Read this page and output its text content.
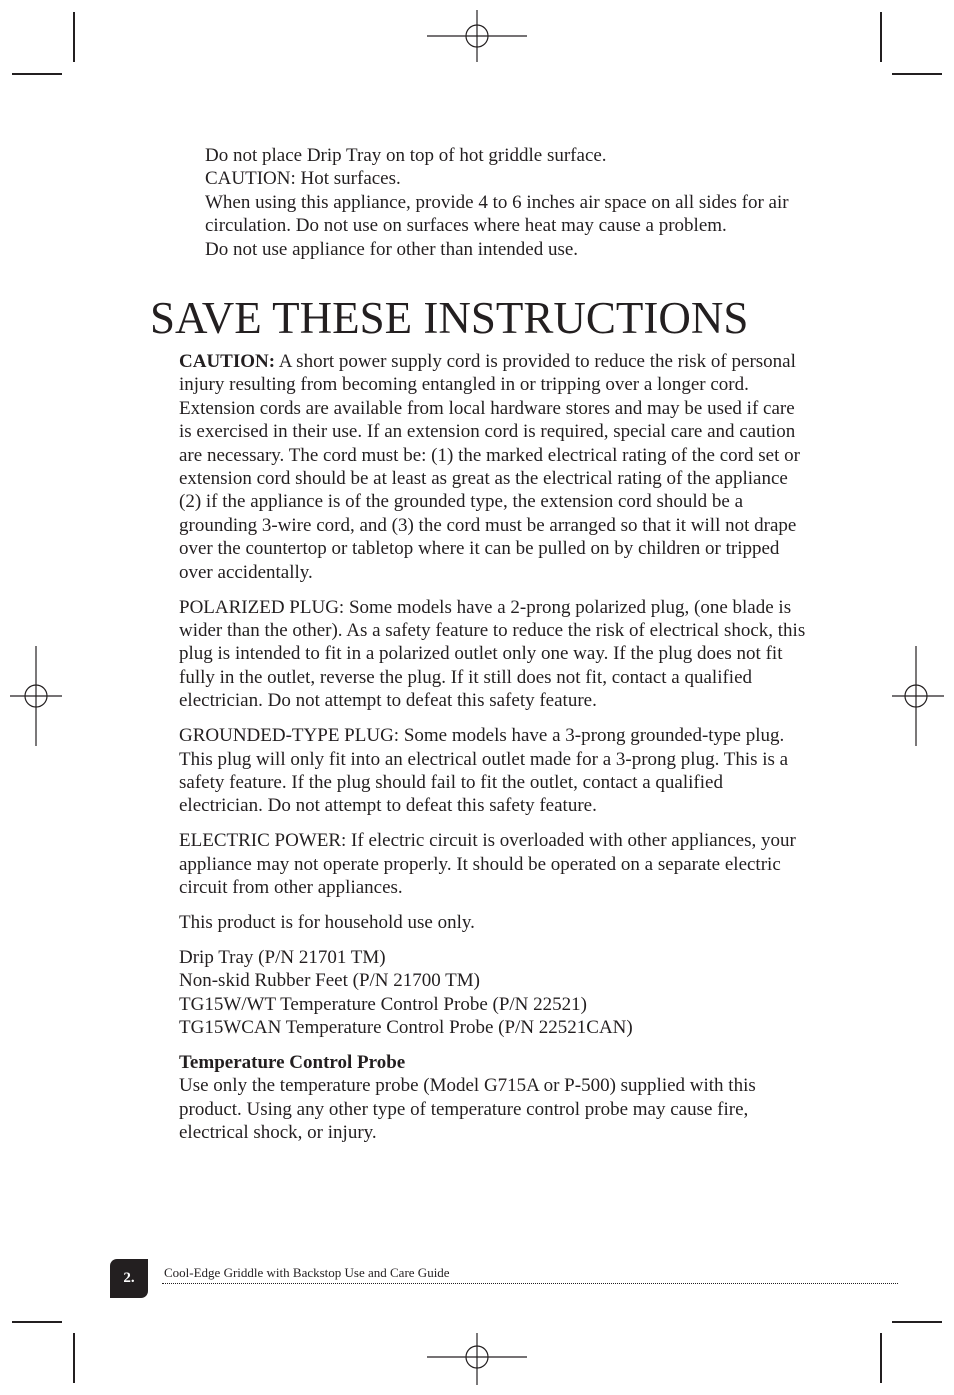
Do not place Drip Tray on top of hot griddle surface.

CAUTION: Hot surfaces.

When using this appliance, provide 4 to 6 inches air space on all sides for air circulation. Do not use on surfaces where heat may cause a problem.

Do not use appliance for other than intended use.

SAVE THESE INSTRUCTIONS

CAUTION: A short power supply cord is provided to reduce the risk of personal injury resulting from becoming entangled in or tripping over a longer cord. Extension cords are available from local hardware stores and may be used if care is exercised in their use. If an extension cord is required, special care and caution are necessary. The cord must be: (1) the marked electrical rating of the cord set or extension cord should be at least as great as the electrical rating of the appliance (2) if the appliance is of the grounded type, the extension cord should be a grounding 3-wire cord, and (3) the cord must be arranged so that it will not drape over the countertop or tabletop where it can be pulled on by children or tripped over accidentally.

POLARIZED PLUG: Some models have a 2-prong polarized plug, (one blade is wider than the other). As a safety feature to reduce the risk of electrical shock, this plug is intended to fit in a polarized outlet only one way. If the plug does not fit fully in the outlet, reverse the plug. If it still does not fit, contact a qualified electrician. Do not attempt to defeat this safety feature.

GROUNDED-TYPE PLUG: Some models have a 3-prong grounded-type plug. This plug will only fit into an electrical outlet made for a 3-prong plug. This is a safety feature. If the plug should fail to fit the outlet, contact a qualified electrician. Do not attempt to defeat this safety feature.

ELECTRIC POWER: If electric circuit is overloaded with other appliances, your appliance may not operate properly. It should be operated on a separate electric circuit from other appliances.

This product is for household use only.

Drip Tray (P/N 21701 TM)
Non-skid Rubber Feet (P/N 21700 TM)
TG15W/WT Temperature Control Probe (P/N 22521)
TG15WCAN Temperature Control Probe (P/N 22521CAN)

Temperature Control Probe
Use only the temperature probe (Model G715A or P-500) supplied with this product. Using any other type of temperature control probe may cause fire, electrical shock, or injury.

2.	Cool-Edge Griddle with Backstop Use and Care Guide
